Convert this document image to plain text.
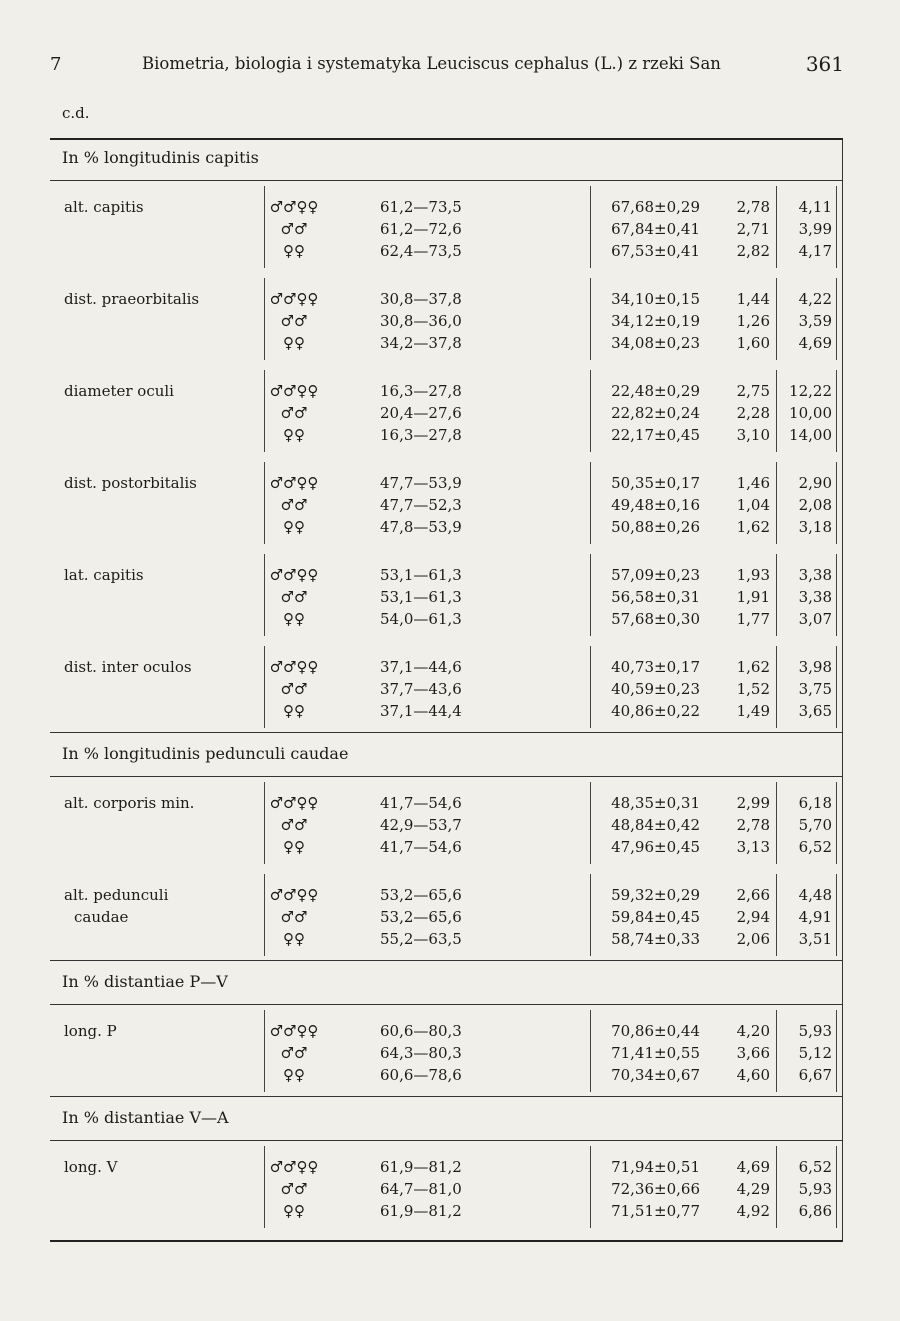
7	Biometria, biologia i systematyka Leuciscus cephalus (L.) z rzeki San	361
c.d.
In % longitudinis capitis
alt. capitis	♂♂♀♀	61,2—73,5	67,68±0,29	2,78	4,11
♂♂	61,2—72,6	67,84±0,41	2,71	3,99
♀♀	62,4—73,5	67,53±0,41	2,82	4,17
dist. praeorbitalis	♂♂♀♀	30,8—37,8	34,10±0,15	1,44	4,22
♂♂	30,8—36,0	34,12±0,19	1,26	3,59
♀♀	34,2—37,8	34,08±0,23	1,60	4,69
diameter oculi	♂♂♀♀	16,3—27,8	22,48±0,29	2,75	12,22
♂♂	20,4—27,6	22,82±0,24	2,28	10,00
♀♀	16,3—27,8	22,17±0,45	3,10	14,00
dist. postorbitalis	♂♂♀♀	47,7—53,9	50,35±0,17	1,46	2,90
♂♂	47,7—52,3	49,48±0,16	1,04	2,08
♀♀	47,8—53,9	50,88±0,26	1,62	3,18
lat. capitis	♂♂♀♀	53,1—61,3	57,09±0,23	1,93	3,38
♂♂	53,1—61,3	56,58±0,31	1,91	3,38
♀♀	54,0—61,3	57,68±0,30	1,77	3,07
dist. inter oculos	♂♂♀♀	37,1—44,6	40,73±0,17	1,62	3,98
♂♂	37,7—43,6	40,59±0,23	1,52	3,75
♀♀	37,1—44,4	40,86±0,22	1,49	3,65
In % longitudinis pedunculi caudae
alt. corporis min.	♂♂♀♀	41,7—54,6	48,35±0,31	2,99	6,18
♂♂	42,9—53,7	48,84±0,42	2,78	5,70
♀♀	41,7—54,6	47,96±0,45	3,13	6,52
alt. pedunculi
caudae
♂♂♀♀	53,2—65,6	59,32±0,29	2,66	4,48
♂♂	53,2—65,6	59,84±0,45	2,94	4,91
♀♀	55,2—63,5	58,74±0,33	2,06	3,51
In % distantiae P—V
long. P	♂♂♀♀	60,6—80,3	70,86±0,44	4,20	5,93
♂♂	64,3—80,3	71,41±0,55	3,66	5,12
♀♀	60,6—78,6	70,34±0,67	4,60	6,67
In % distantiae V—A
long. V	♂♂♀♀	61,9—81,2	71,94±0,51	4,69	6,52
♂♂	64,7—81,0	72,36±0,66	4,29	5,93
♀♀	61,9—81,2	71,51±0,77	4,92	6,86
